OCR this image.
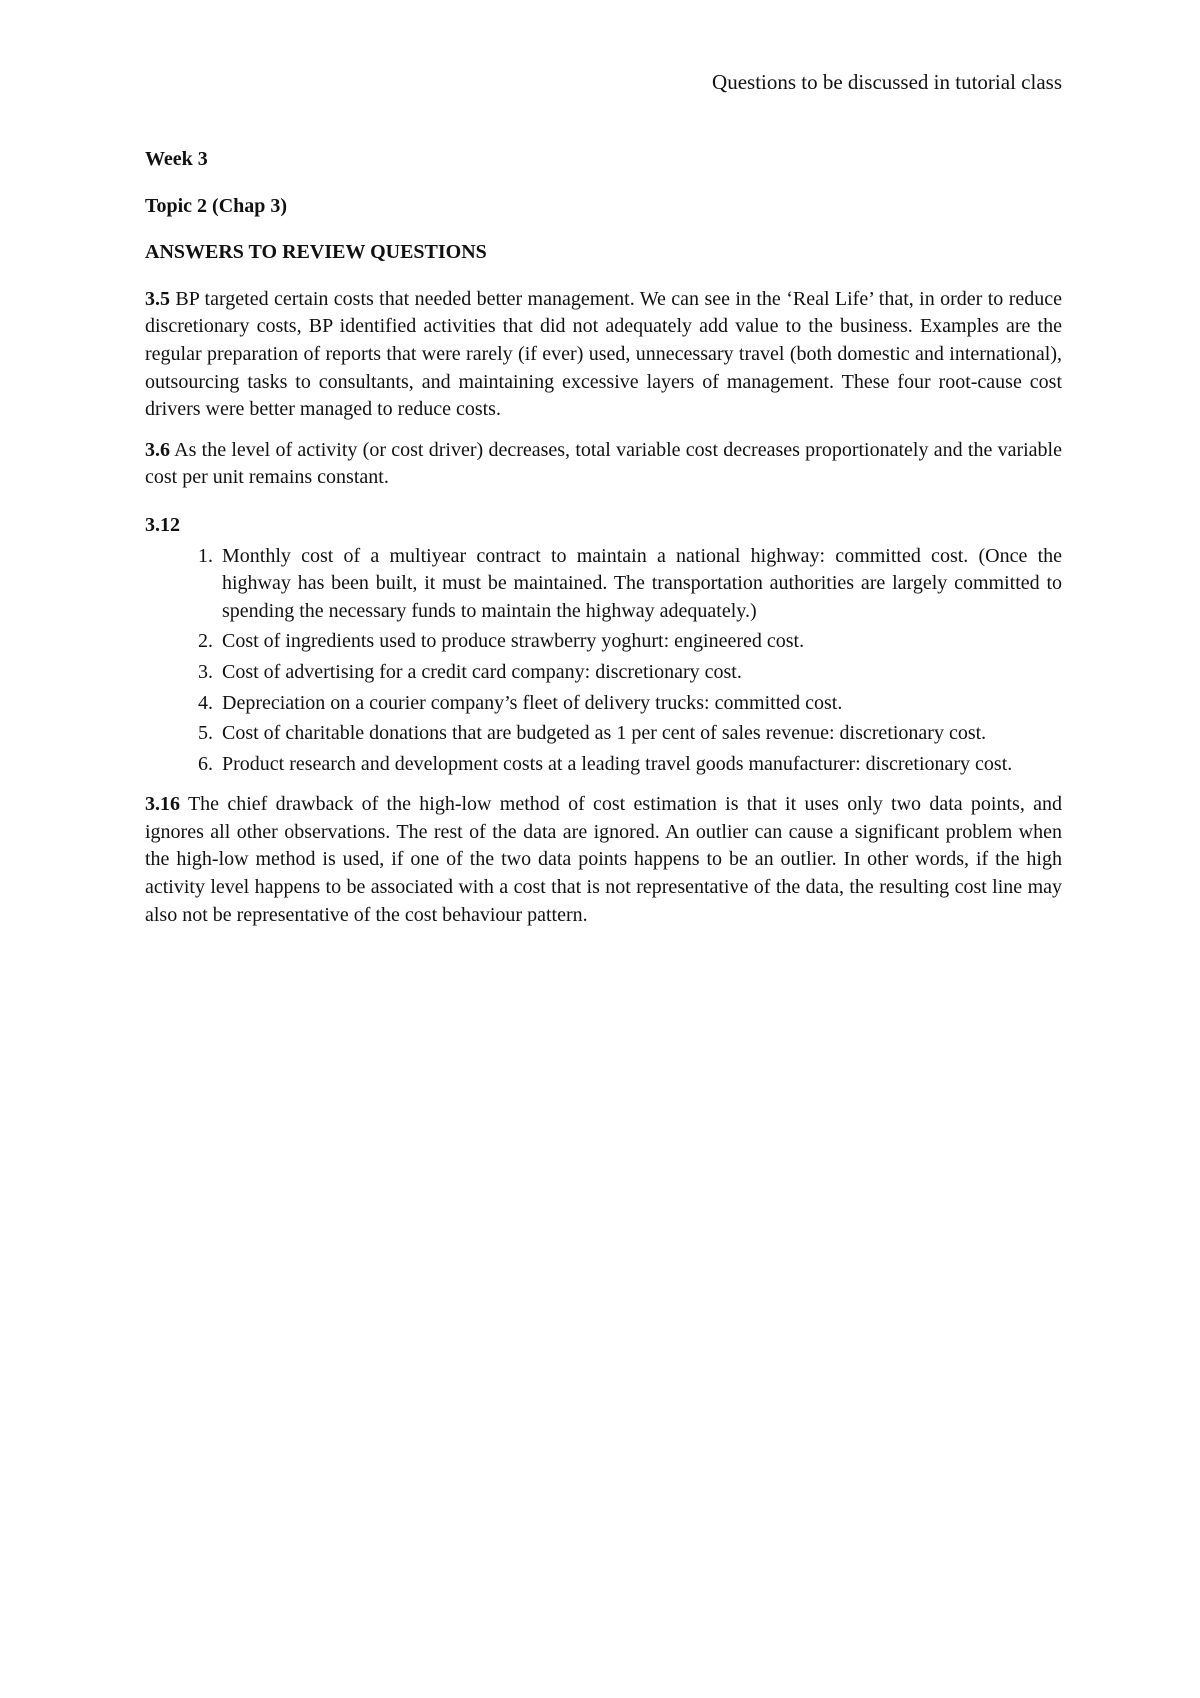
Questions to be discussed in tutorial class

Week 3

Topic 2 (Chap 3)

ANSWERS TO REVIEW QUESTIONS

3.5 BP targeted certain costs that needed better management. We can see in the ‘Real Life’ that, in order to reduce discretionary costs, BP identified activities that did not adequately add value to the business. Examples are the regular preparation of reports that were rarely (if ever) used, unnecessary travel (both domestic and international), outsourcing tasks to consultants, and maintaining excessive layers of management. These four root-cause cost drivers were better managed to reduce costs.

3.6 As the level of activity (or cost driver) decreases, total variable cost decreases proportionately and the variable cost per unit remains constant.

3.12
1. Monthly cost of a multiyear contract to maintain a national highway: committed cost. (Once the highway has been built, it must be maintained. The transportation authorities are largely committed to spending the necessary funds to maintain the highway adequately.)
2. Cost of ingredients used to produce strawberry yoghurt: engineered cost.
3. Cost of advertising for a credit card company: discretionary cost.
4. Depreciation on a courier company’s fleet of delivery trucks: committed cost.
5. Cost of charitable donations that are budgeted as 1 per cent of sales revenue: discretionary cost.
6. Product research and development costs at a leading travel goods manufacturer: discretionary cost.

3.16 The chief drawback of the high-low method of cost estimation is that it uses only two data points, and ignores all other observations. The rest of the data are ignored. An outlier can cause a significant problem when the high-low method is used, if one of the two data points happens to be an outlier. In other words, if the high activity level happens to be associated with a cost that is not representative of the data, the resulting cost line may also not be representative of the cost behaviour pattern.
